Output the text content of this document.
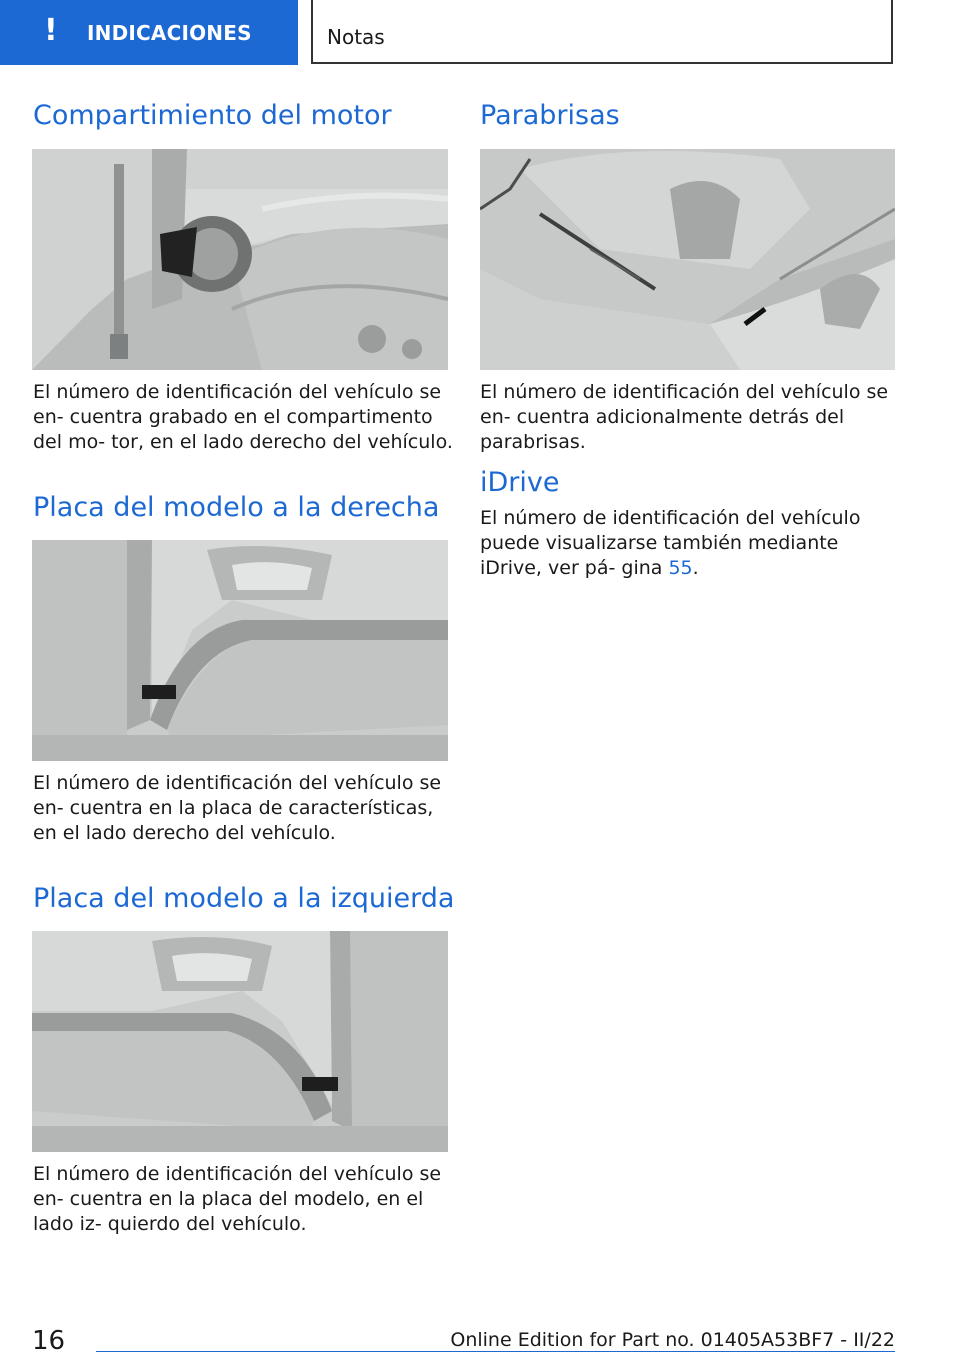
! INDICACIONES	Notas
Compartimiento del motor

El número de identificación del vehículo se en‐ cuentra grabado en el compartimento del mo‐ tor, en el lado derecho del vehículo.

Placa del modelo a la derecha

El número de identificación del vehículo se en‐ cuentra en la placa de características, en el lado derecho del vehículo.

Placa del modelo a la izquierda

El número de identificación del vehículo se en‐ cuentra en la placa del modelo, en el lado iz‐ quierdo del vehículo.

Parabrisas

El número de identificación del vehículo se en‐ cuentra adicionalmente detrás del parabrisas.

iDrive

El número de identificación del vehículo puede visualizarse también mediante iDrive, ver pá‐ gina 55.

16	Online Edition for Part no. 01405A53BF7 - II/22
